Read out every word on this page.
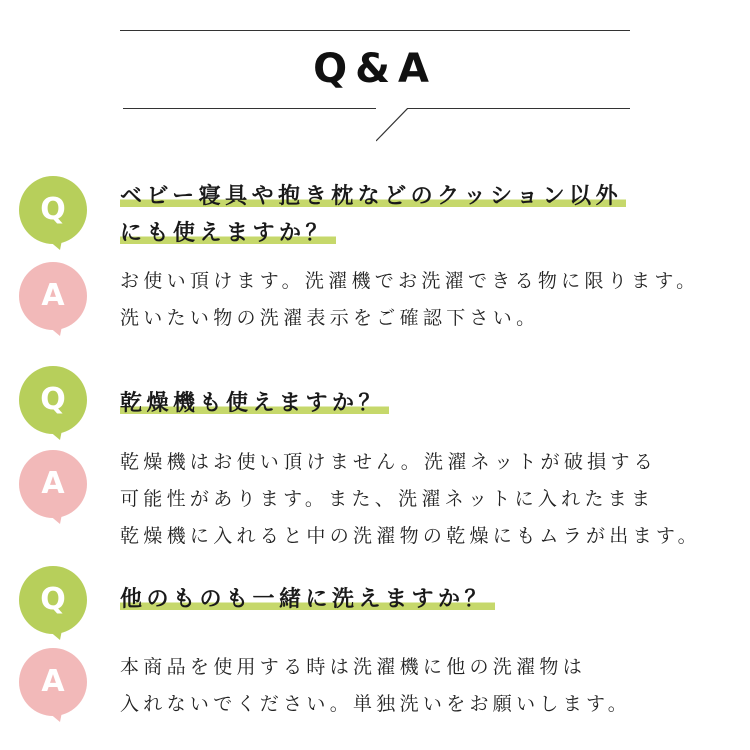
Q&A
Q	ベビー寝具や抱き枕などのクッション以外
にも使えますか？
A	お使い頂けます。洗濯機でお洗濯できる物に限ります。
洗いたい物の洗濯表示をご確認下さい。
Q	乾燥機も使えますか？
A
乾燥機はお使い頂けません。洗濯ネットが破損する
可能性があります。また、洗濯ネットに入れたまま
乾燥機に入れると中の洗濯物の乾燥にもムラが出ます。
Q	他のものも一緒に洗えますか？
A	本商品を使用する時は洗濯機に他の洗濯物は
入れないでください。単独洗いをお願いします。
